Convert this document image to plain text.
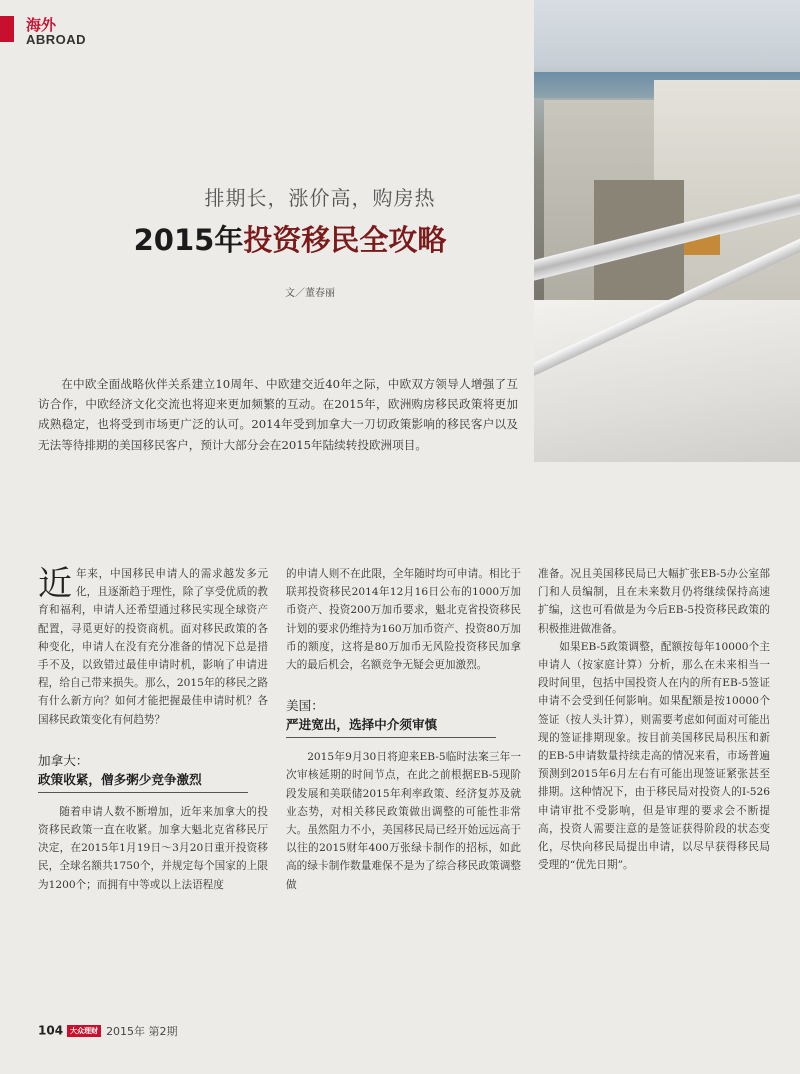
海外
ABROAD
排期长，涨价高，购房热
2015年投资移民全攻略
文／董春丽

在中欧全面战略伙伴关系建立10周年、中欧建交近40年之际，中欧双方领导人增强了互访合作，中欧经济文化交流也将迎来更加频繁的互动。在2015年，欧洲购房移民政策将更加成熟稳定，也将受到市场更广泛的认可。2014年受到加拿大一刀切政策影响的移民客户以及无法等待排期的美国移民客户，预计大部分会在2015年陆续转投欧洲项目。

近年来，中国移民申请人的需求越发多元化，且逐渐趋于理性，除了享受优质的教育和福利，申请人还希望通过移民实现全球资产配置，寻觅更好的投资商机。面对移民政策的各种变化，申请人在没有充分准备的情况下总是措手不及，以致错过最佳申请时机，影响了申请进程，给自己带来损失。那么，2015年的移民之路有什么新方向？如何才能把握最佳申请时机？各国移民政策变化有何趋势？

加拿大：
政策收紧，僧多粥少竞争激烈

随着申请人数不断增加，近年来加拿大的投资移民政策一直在收紧。加拿大魁北克省移民厅决定，在2015年1月19日～3月20日重开投资移民，全球名额共1750个，并规定每个国家的上限为1200个；而拥有中等或以上法语程度

的申请人则不在此限，全年随时均可申请。相比于联邦投资移民2014年12月16日公布的1000万加币资产、投资200万加币要求，魁北克省投资移民计划的要求仍维持为160万加币资产、投资80万加币的额度，这将是80万加币无风险投资移民加拿大的最后机会，名额竞争无疑会更加激烈。

美国：
严进宽出，选择中介须审慎

2015年9月30日将迎来EB-5临时法案三年一次审核延期的时间节点，在此之前根据EB-5现阶段发展和美联储2015年利率政策、经济复苏及就业态势，对相关移民政策做出调整的可能性非常大。虽然阻力不小，美国移民局已经开始远远高于以往的2015财年400万张绿卡制作的招标，如此高的绿卡制作数量难保不是为了综合移民政策调整做

准备。况且美国移民局已大幅扩张EB-5办公室部门和人员编制，且在未来数月仍将继续保持高速扩编，这也可看做是为今后EB-5投资移民政策的积极推进做准备。

如果EB-5政策调整，配额按每年10000个主申请人（按家庭计算）分析，那么在未来相当一段时间里，包括中国投资人在内的所有EB-5签证申请不会受到任何影响。如果配额是按10000个签证（按人头计算），则需要考虑如何面对可能出现的签证排期现象。按目前美国移民局积压和新的EB-5申请数量持续走高的情况来看，市场普遍预测到2015年6月左右有可能出现签证紧张甚至排期。这种情况下，由于移民局对投资人的I-526申请审批不受影响，但是审理的要求会不断提高，投资人需要注意的是签证获得阶段的状态变化，尽快向移民局提出申请，以尽早获得移民局受理的“优先日期”。

104 大众理财 2015年 第2期
